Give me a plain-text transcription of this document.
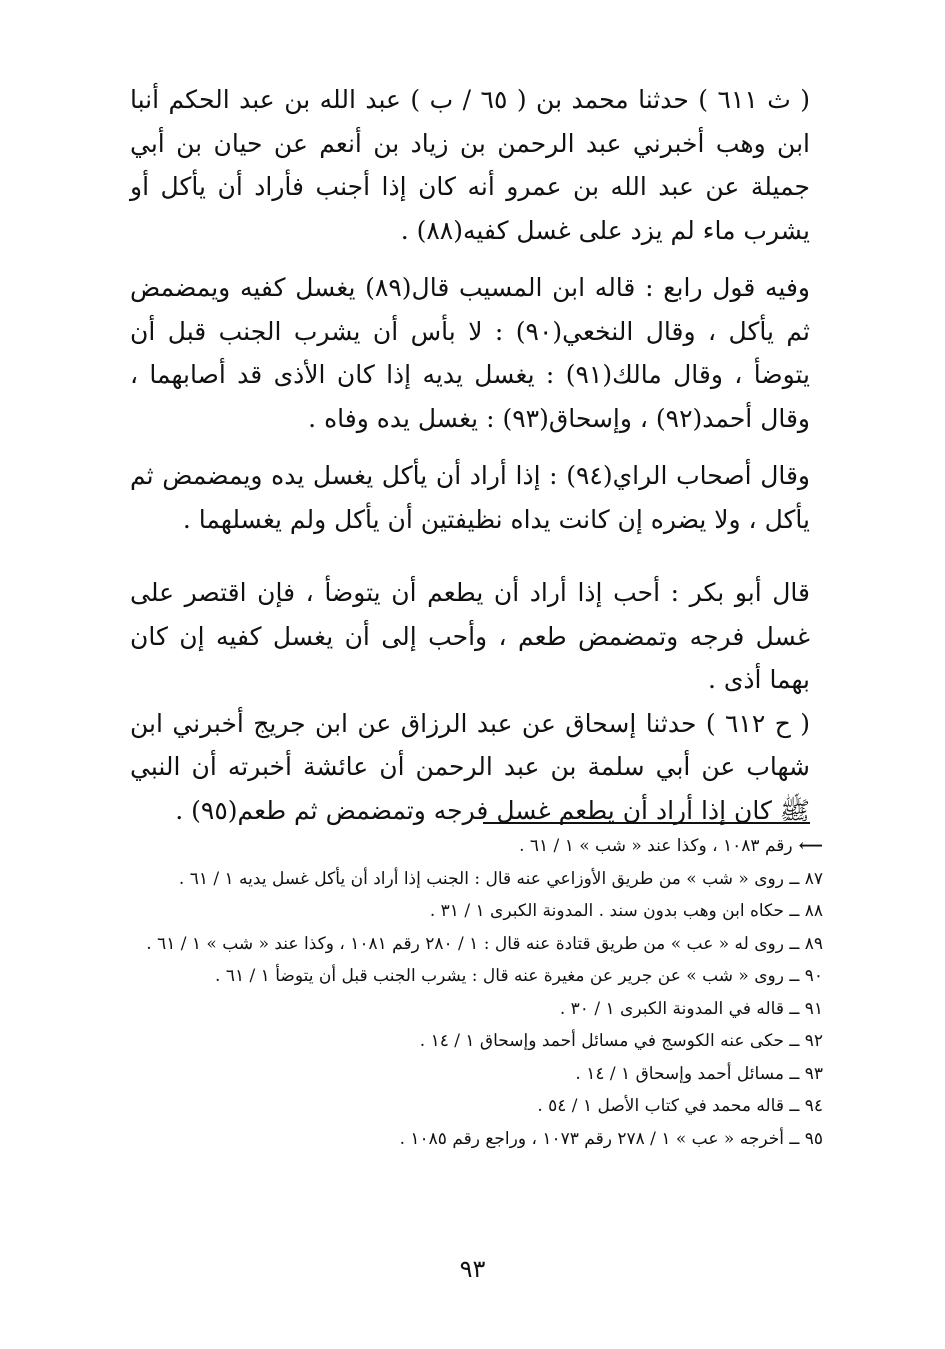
( ث ٦١١ ) حدثنا محمد بن ( ٦٥ / ب ) عبد الله بن عبد الحكم أنبا ابن وهب أخبرني عبد الرحمن بن زياد بن أنعم عن حيان بن أبي جميلة عن عبد الله بن عمرو أنه كان إذا أجنب فأراد أن يأكل أو يشرب ماء لم يزد على غسل كفيه(٨٨) .

وفيه قول رابع : قاله ابن المسيب قال(٨٩) يغسل كفيه ويمضمض ثم يأكل ، وقال النخعي(٩٠) : لا بأس أن يشرب الجنب قبل أن يتوضأ ، وقال مالك(٩١) : يغسل يديه إذا كان الأذى قد أصابهما ، وقال أحمد(٩٢) ، وإسحاق(٩٣) : يغسل يده وفاه .

وقال أصحاب الراي(٩٤) : إذا أراد أن يأكل يغسل يده ويمضمض ثم يأكل ، ولا يضره إن كانت يداه نظيفتين أن يأكل ولم يغسلهما .

قال أبو بكر : أحب إذا أراد أن يطعم أن يتوضأ ، فإن اقتصر على غسل فرجه وتمضمض طعم ، وأحب إلى أن يغسل كفيه إن كان بهما أذى .

( ح ٦١٢ ) حدثنا إسحاق عن عبد الرزاق عن ابن جريج أخبرني ابن شهاب عن أبي سلمة بن عبد الرحمن أن عائشة أخبرته أن النبي ﷺ كان إذا أراد أن يطعم غسل فرجه وتمضمض ثم طعم(٩٥) .

⟵رقم ١٠٨٣ ، وكذا عند « شب » ١ / ٦١ .

٨٧ ــ روى « شب » من طريق الأوزاعي عنه قال : الجنب إذا أراد أن يأكل غسل يديه ١ / ٦١ .

٨٨ ــ حكاه ابن وهب بدون سند . المدونة الكبرى ١ / ٣١ .

٨٩ ــ روى له « عب » من طريق قتادة عنه قال : ١ / ٢٨٠ رقم ١٠٨١ ، وكذا عند « شب » ١ / ٦١ .

٩٠ ــ روى « شب » عن جرير عن مغيرة عنه قال : يشرب الجنب قبل أن يتوضأ ١ / ٦١ .

٩١ ــ قاله في المدونة الكبرى ١ / ٣٠ .

٩٢ ــ حكى عنه الكوسج في مسائل أحمد وإسحاق ١ / ١٤ .

٩٣ ــ مسائل أحمد وإسحاق ١ / ١٤ .

٩٤ ــ قاله محمد في كتاب الأصل ١ / ٥٤ .

٩٥ ــ أخرجه « عب » ١ / ٢٧٨ رقم ١٠٧٣ ، وراجع رقم ١٠٨٥ .

٩٣
